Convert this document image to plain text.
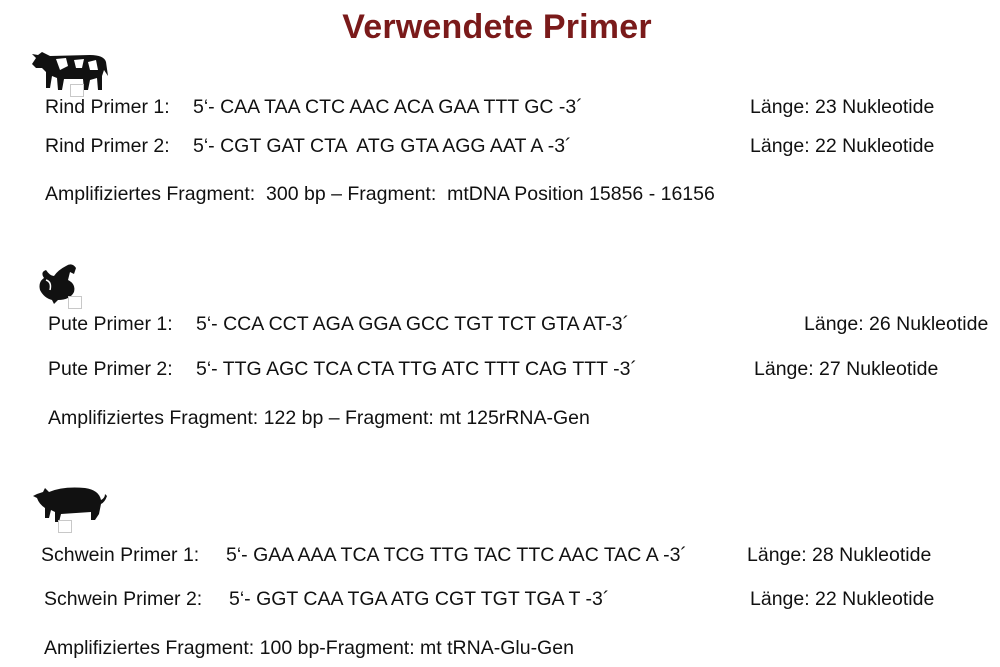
Verwendete Primer
Rind Primer 1: 5‘- CAA TAA CTC AAC ACA GAA TTT GC -3´	Länge: 23 Nukleotide
Rind Primer 2: 5‘- CGT GAT CTA  ATG GTA AGG AAT A -3´	Länge: 22 Nukleotide
Amplifiziertes Fragment:  300 bp – Fragment:  mtDNA Position 15856 - 16156
Pute Primer 1: 5‘- CCA CCT AGA GGA GCC TGT TCT GTA AT-3´	Länge: 26 Nukleotide
Pute Primer 2: 5‘- TTG AGC TCA CTA TTG ATC TTT CAG TTT -3´	Länge: 27 Nukleotide
Amplifiziertes Fragment: 122 bp – Fragment: mt 125rRNA-Gen
Schwein Primer 1: 5‘- GAA AAA TCA TCG TTG TAC TTC AAC TAC A -3´	Länge: 28 Nukleotide
Schwein Primer 2: 5‘- GGT CAA TGA ATG CGT TGT TGA T -3´	Länge: 22 Nukleotide
Amplifiziertes Fragment: 100 bp-Fragment: mt tRNA-Glu-Gen
